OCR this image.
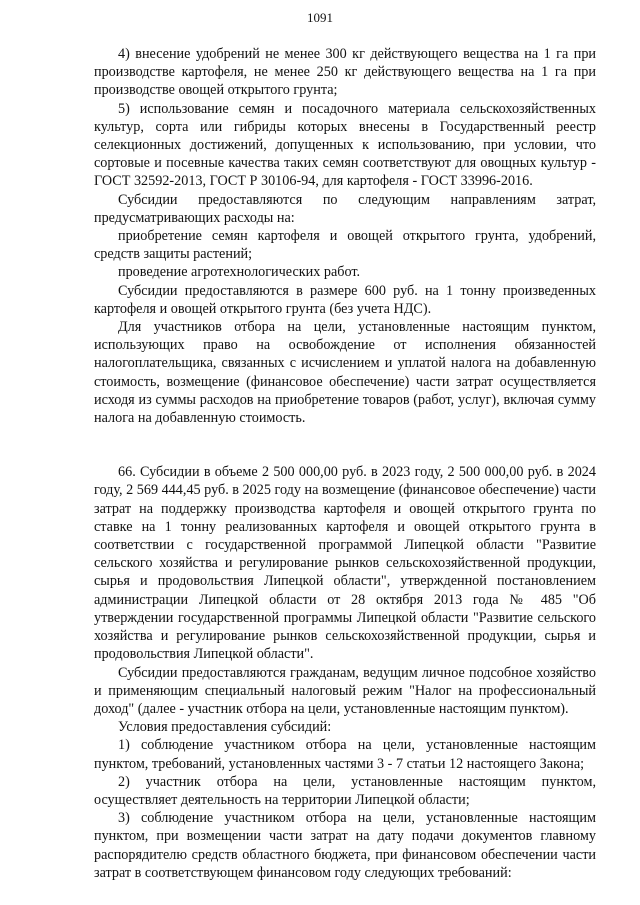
1091

4) внесение удобрений не менее 300 кг действующего вещества на 1 га при производстве картофеля, не менее 250 кг действующего вещества на 1 га при производстве овощей открытого грунта;

5) использование семян и посадочного материала сельскохозяйственных культур, сорта или гибриды которых внесены в Государственный реестр селекционных достижений, допущенных к использованию, при условии, что сортовые и посевные качества таких семян соответствуют для овощных культур - ГОСТ 32592-2013, ГОСТ Р 30106-94, для картофеля - ГОСТ 33996-2016.

Субсидии предоставляются по следующим направлениям затрат, предусматривающих расходы на:

приобретение семян картофеля и овощей открытого грунта, удобрений, средств защиты растений;

проведение агротехнологических работ.

Субсидии предоставляются в размере 600 руб. на 1 тонну произведенных картофеля и овощей открытого грунта (без учета НДС).

Для участников отбора на цели, установленные настоящим пунктом, использующих право на освобождение от исполнения обязанностей налогоплательщика, связанных с исчислением и уплатой налога на добавленную стоимость, возмещение (финансовое обеспечение) части затрат осуществляется исходя из суммы расходов на приобретение товаров (работ, услуг), включая сумму налога на добавленную стоимость.

66. Субсидии в объеме 2 500 000,00 руб. в 2023 году, 2 500 000,00 руб. в 2024 году, 2 569 444,45 руб. в 2025 году на возмещение (финансовое обеспечение) части затрат на поддержку производства картофеля и овощей открытого грунта по ставке на 1 тонну реализованных картофеля и овощей открытого грунта в соответствии с государственной программой Липецкой области "Развитие сельского хозяйства и регулирование рынков сельскохозяйственной продукции, сырья и продовольствия Липецкой области", утвержденной постановлением администрации Липецкой области от 28 октября 2013 года № 485 "Об утверждении государственной программы Липецкой области "Развитие сельского хозяйства и регулирование рынков сельскохозяйственной продукции, сырья и продовольствия Липецкой области".

Субсидии предоставляются гражданам, ведущим личное подсобное хозяйство и применяющим специальный налоговый режим "Налог на профессиональный доход" (далее - участник отбора на цели, установленные настоящим пунктом).

Условия предоставления субсидий:

1) соблюдение участником отбора на цели, установленные настоящим пунктом, требований, установленных частями 3 - 7 статьи 12 настоящего Закона;

2) участник отбора на цели, установленные настоящим пунктом, осуществляет деятельность на территории Липецкой области;

3) соблюдение участником отбора на цели, установленные настоящим пунктом, при возмещении части затрат на дату подачи документов главному распорядителю средств областного бюджета, при финансовом обеспечении части затрат в соответствующем финансовом году следующих требований:
